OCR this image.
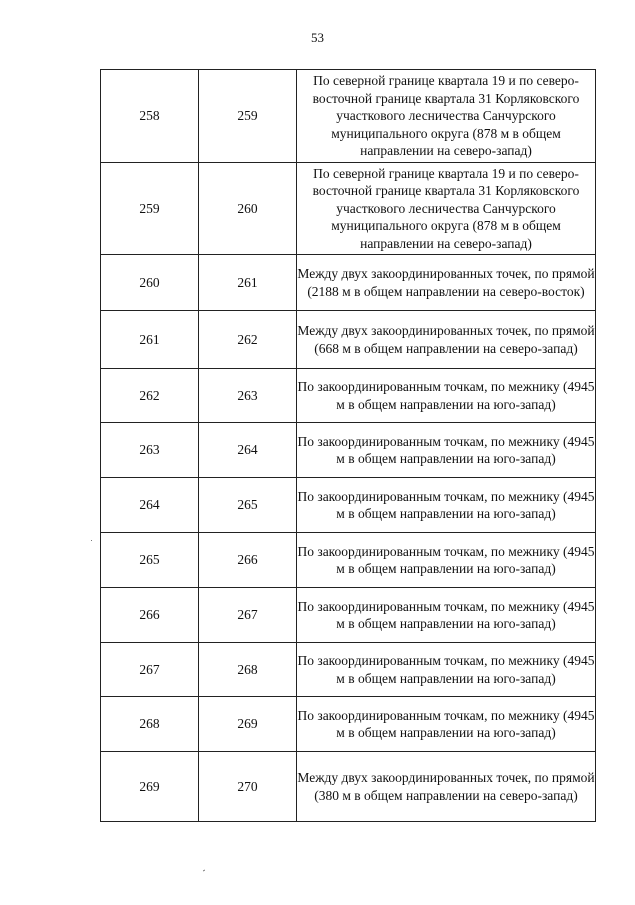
53
258	259	По северной границе квартала 19 и по северо-восточной границе квартала 31 Корляковского участкового лесничества Санчурского муниципального округа (878 м в общем направлении на северо-запад)
259	260	По северной границе квартала 19 и по северо-восточной границе квартала 31 Корляковского участкового лесничества Санчурского муниципального округа (878 м в общем направлении на северо-запад)
260	261	Между двух закоординированных точек, по прямой (2188 м в общем направлении на северо-восток)
261	262	Между двух закоординированных точек, по прямой (668 м в общем направлении на северо-запад)
262	263	По закоординированным точкам, по межнику (4945 м в общем направлении на юго-запад)
263	264	По закоординированным точкам, по межнику (4945 м в общем направлении на юго-запад)
264	265	По закоординированным точкам, по межнику (4945 м в общем направлении на юго-запад)
265	266	По закоординированным точкам, по межнику (4945 м в общем направлении на юго-запад)
266	267	По закоординированным точкам, по межнику (4945 м в общем направлении на юго-запад)
267	268	По закоординированным точкам, по межнику (4945 м в общем направлении на юго-запад)
268	269	По закоординированным точкам, по межнику (4945 м в общем направлении на юго-запад)
269	270	Между двух закоординированных точек, по прямой (380 м в общем направлении на северо-запад)
